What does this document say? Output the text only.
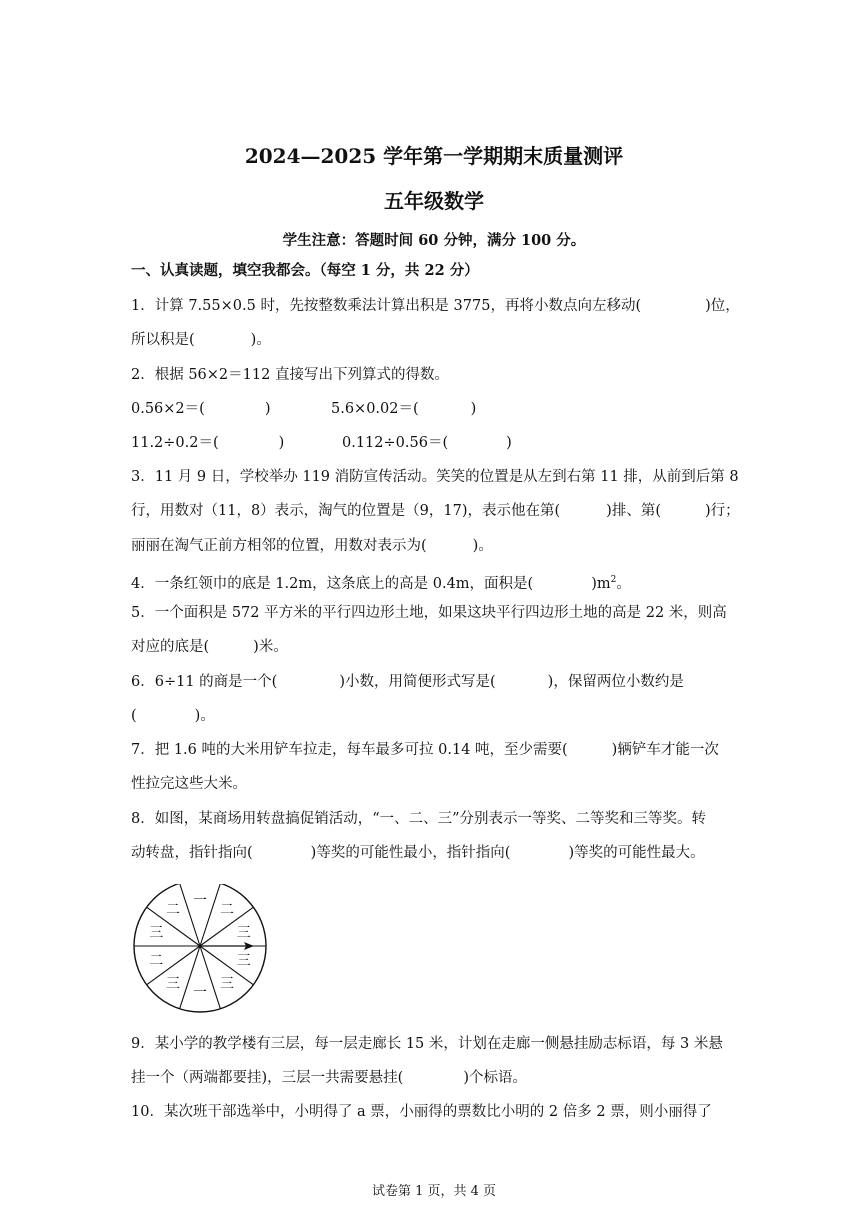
2024—2025 学年第一学期期末质量测评
五年级数学
学生注意：答题时间 60 分钟，满分 100 分。
一、认真读题，填空我都会。（每空 1 分，共 22 分）
1．计算 7.55×0.5 时，先按整数乘法计算出积是 3775，再将小数点向左移动(	)位，
所以积是(	)。
2．根据 56×2＝112 直接写出下列算式的得数。
0.56×2＝(	)	5.6×0.02＝(	)
11.2÷0.2＝(	)	0.112÷0.56＝(	)
3．11 月 9 日，学校举办 119 消防宣传活动。笑笑的位置是从左到右第 11 排，从前到后第 8
行，用数对（11，8）表示，淘气的位置是（9，17)，表示他在第(	)排、第(	)行；
丽丽在淘气正前方相邻的位置，用数对表示为(	)。
4．一条红领巾的底是 1.2m，这条底上的高是 0.4m，面积是(	)$m^2$。
5．一个面积是 572 平方米的平行四边形土地，如果这块平行四边形土地的高是 22 米，则高
对应的底是(	)米。
6．6÷11 的商是一个(	)小数，用简便形式写是(	)，保留两位小数约是
(	)。
7．把 1.6 吨的大米用铲车拉走，每车最多可拉 0.14 吨，至少需要(	)辆铲车才能一次
性拉完这些大米。
8．如图，某商场用转盘搞促销活动，“一、二、三”分别表示一等奖、二等奖和三等奖。转
动转盘，指针指向(	)等奖的可能性最小，指针指向(	)等奖的可能性最大。
一
二
三
三
三
一
三
二
三
二
9．某小学的教学楼有三层，每一层走廊长 15 米，计划在走廊一侧悬挂励志标语，每 3 米悬
挂一个（两端都要挂)，三层一共需要悬挂(	)个标语。
10．某次班干部选举中，小明得了 a 票，小丽得的票数比小明的 2 倍多 2 票，则小丽得了
试卷第 1 页，共 4 页
